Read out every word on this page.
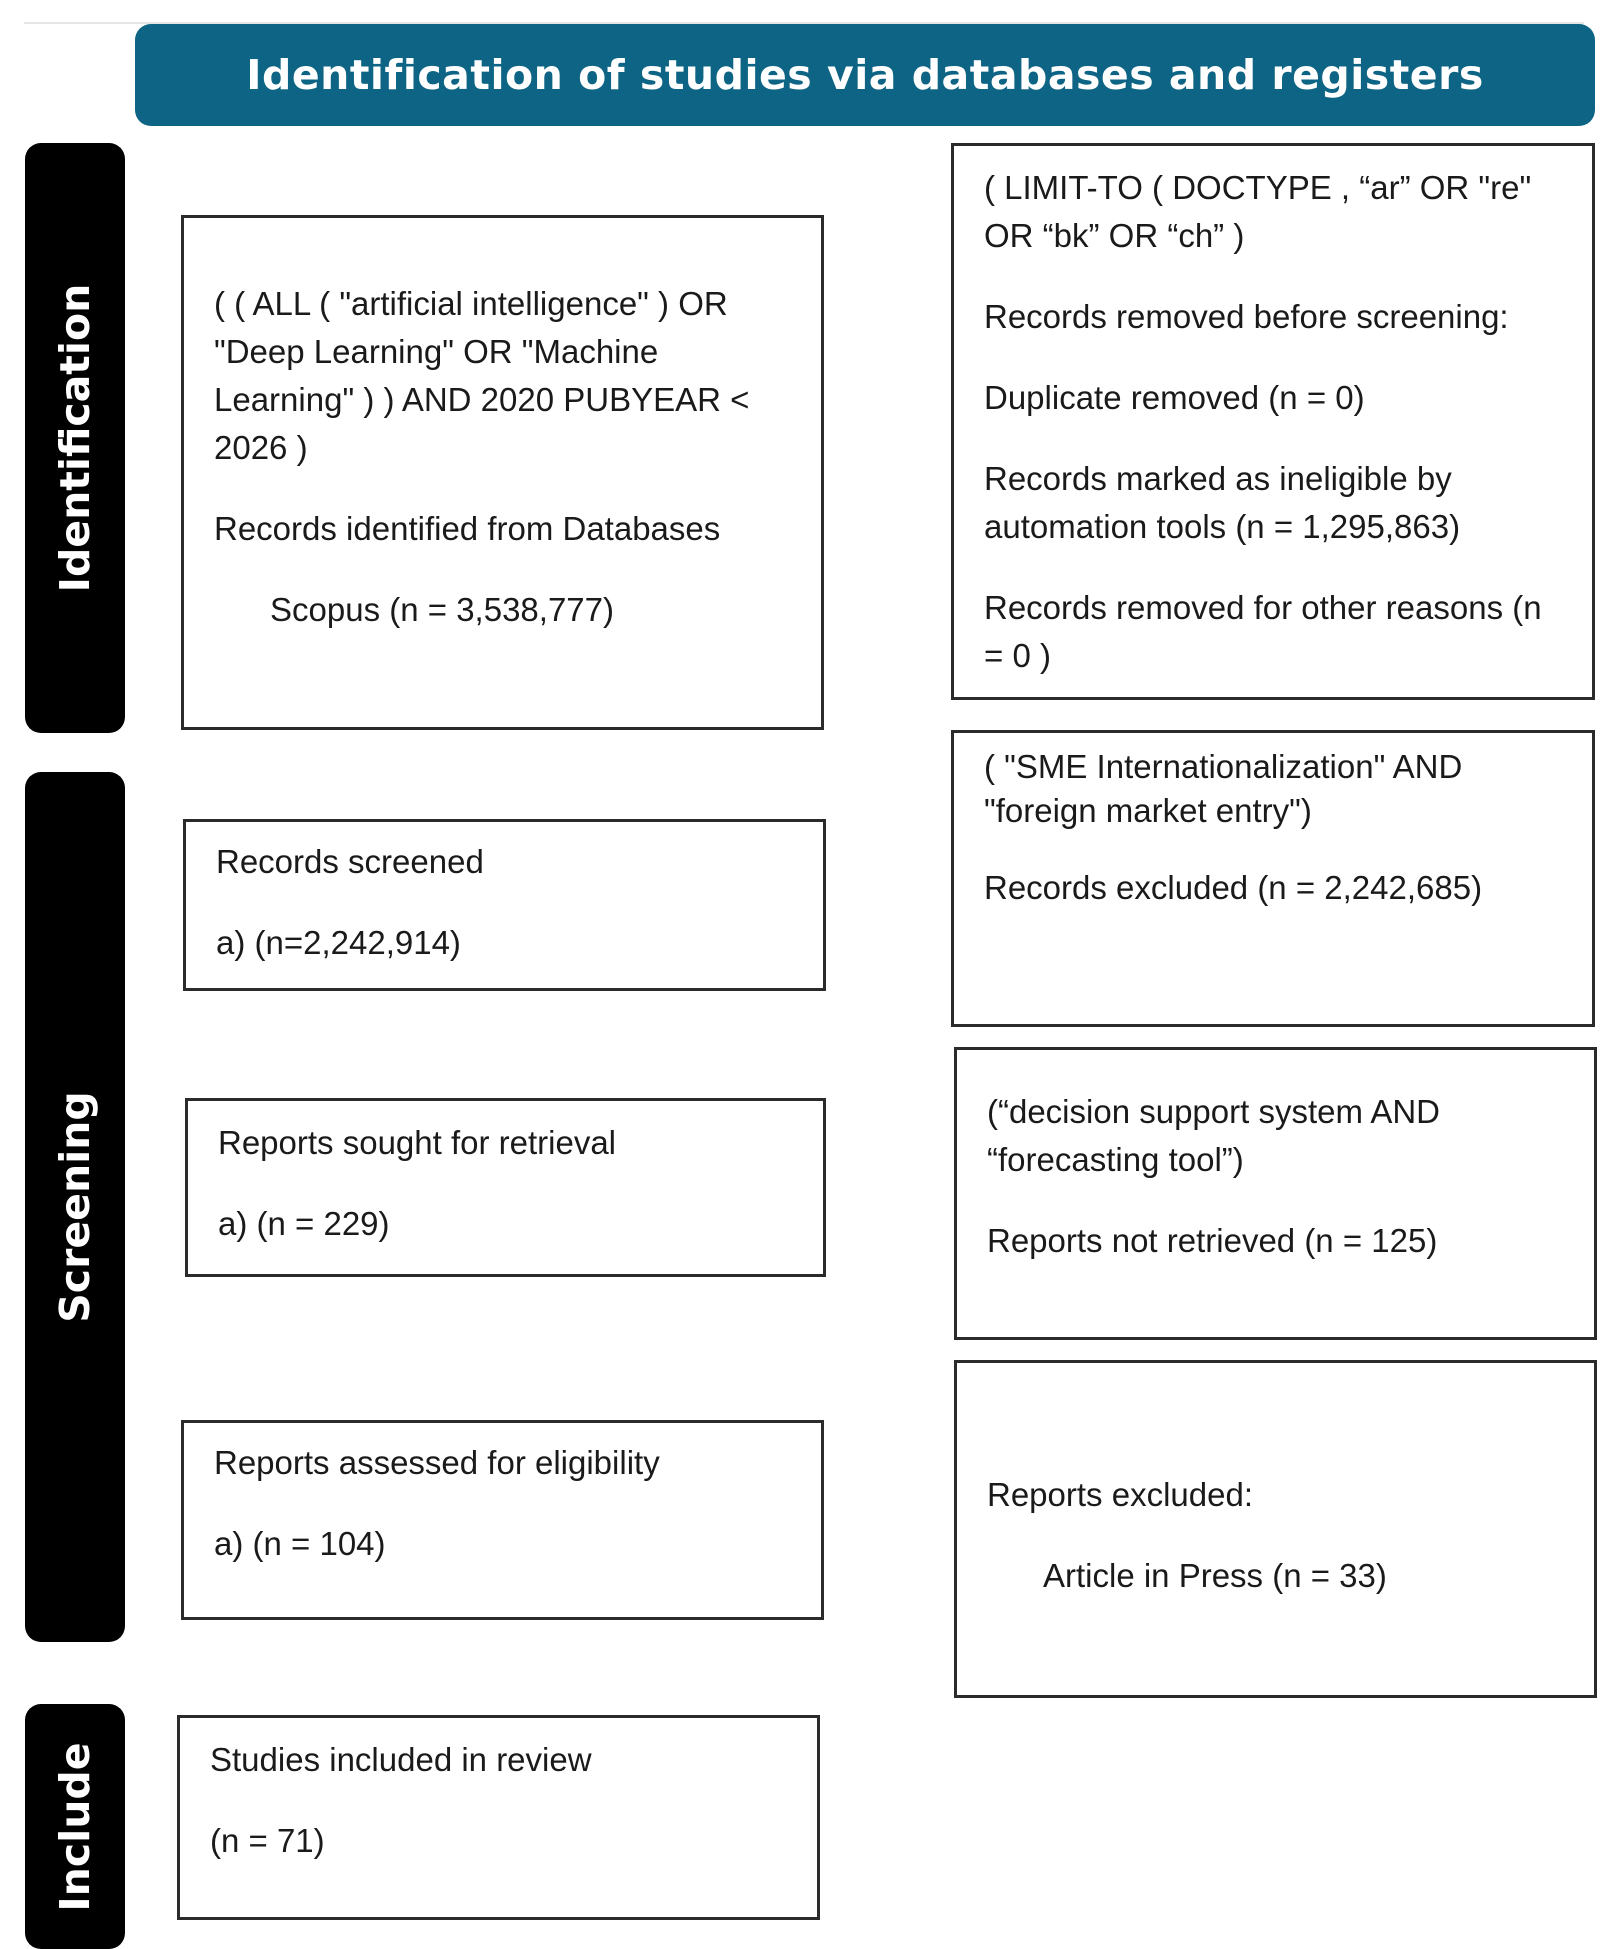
Identification of studies via databases and registers
Identification
Screening
Include

( ( ALL ( "artificial intelligence" ) OR "Deep Learning" OR "Machine Learning" ) ) AND 2020 PUBYEAR < 2026 )

Records identified from Databases

Scopus (n = 3,538,777)

Records screened

a) (n=2,242,914)

Reports sought for retrieval

a) (n = 229)

Reports assessed for eligibility

a) (n = 104)

Studies included in review

(n = 71)

( LIMIT-TO ( DOCTYPE , “ar” OR "re" OR “bk” OR “ch” )

Records removed before screening:

Duplicate removed (n = 0)

Records marked as ineligible by automation tools (n = 1,295,863)

Records removed for other reasons (n = 0 )

( "SME Internationalization" AND "foreign market entry")

Records excluded (n = 2,242,685)

(“decision support system AND “forecasting tool”)

Reports not retrieved (n = 125)

Reports excluded:

Article in Press (n = 33)
